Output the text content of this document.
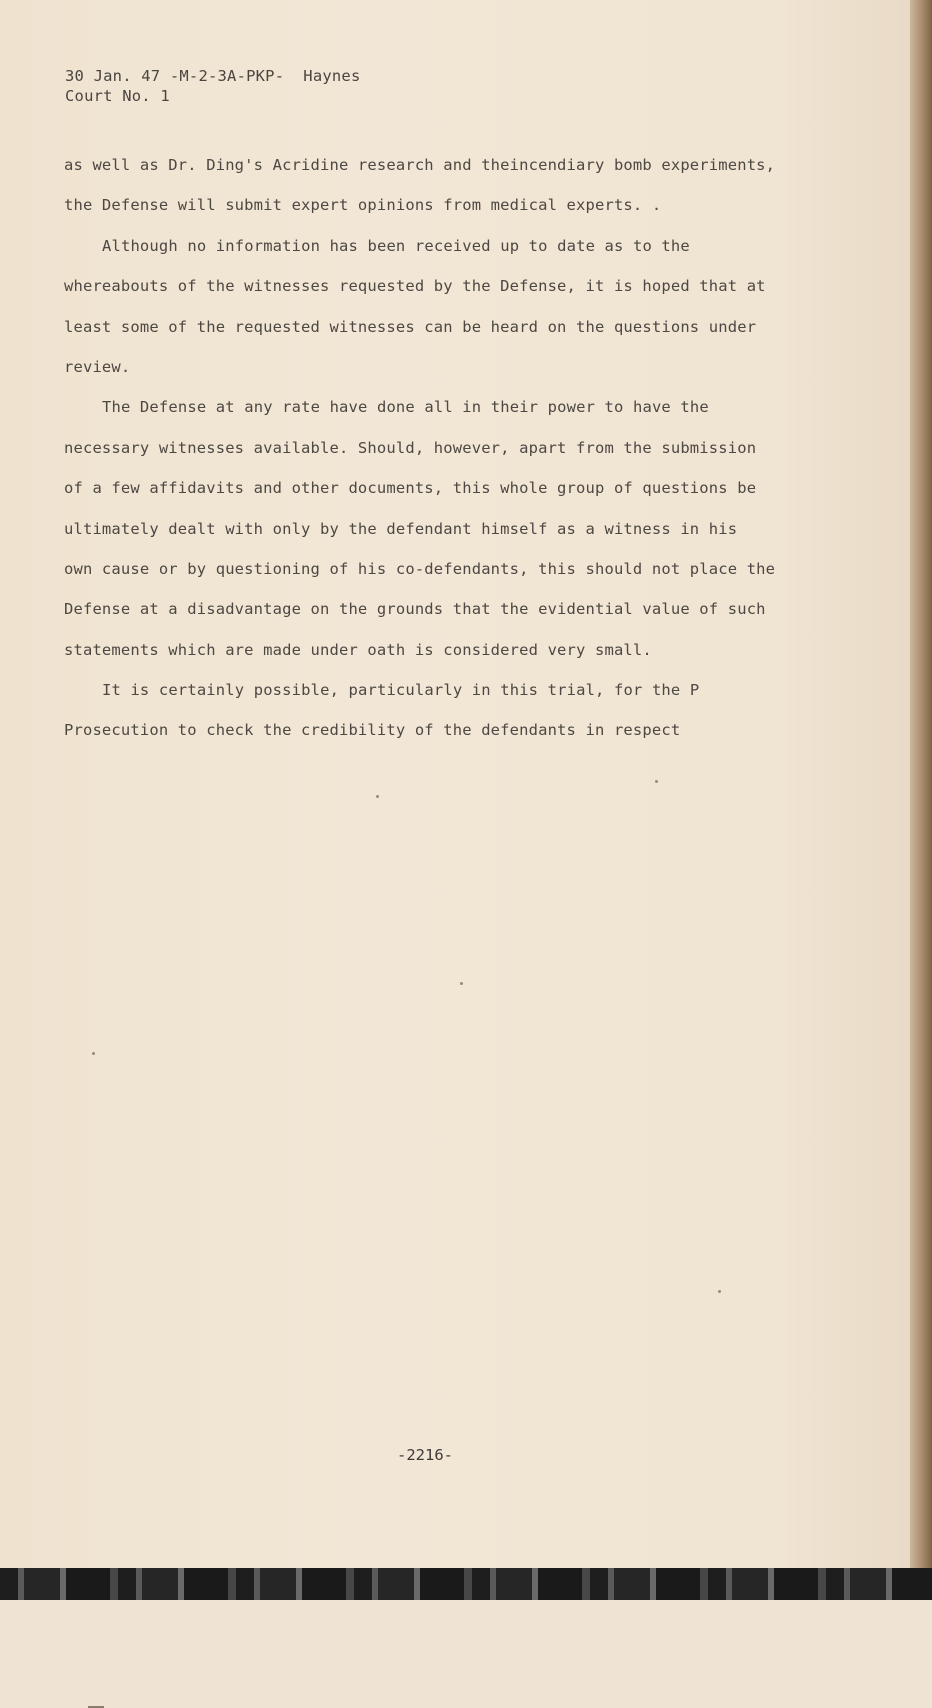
30 Jan. 47 -M-2-3A-PKP-  Haynes
Court No. 1
as well as Dr. Ding's Acridine research and theincendiary bomb experiments,
the Defense will submit expert opinions from medical experts. .
Although no information has been received up to date as to the
whereabouts of the witnesses requested by the Defense, it is hoped that at
least some of the requested witnesses can be heard on the questions under
review.
The Defense at any rate have done all in their power to have the
necessary witnesses available. Should, however, apart from the submission
of a few affidavits and other documents, this whole group of questions be
ultimately dealt with only by the defendant himself as a witness in his
own cause or by questioning of his co-defendants, this should not place the
Defense at a disadvantage on the grounds that the evidential value of such
statements which are made under oath is considered very small.
It is certainly possible, particularly in this trial, for the P
Prosecution to check the credibility of the defendants in respect
-2216-
